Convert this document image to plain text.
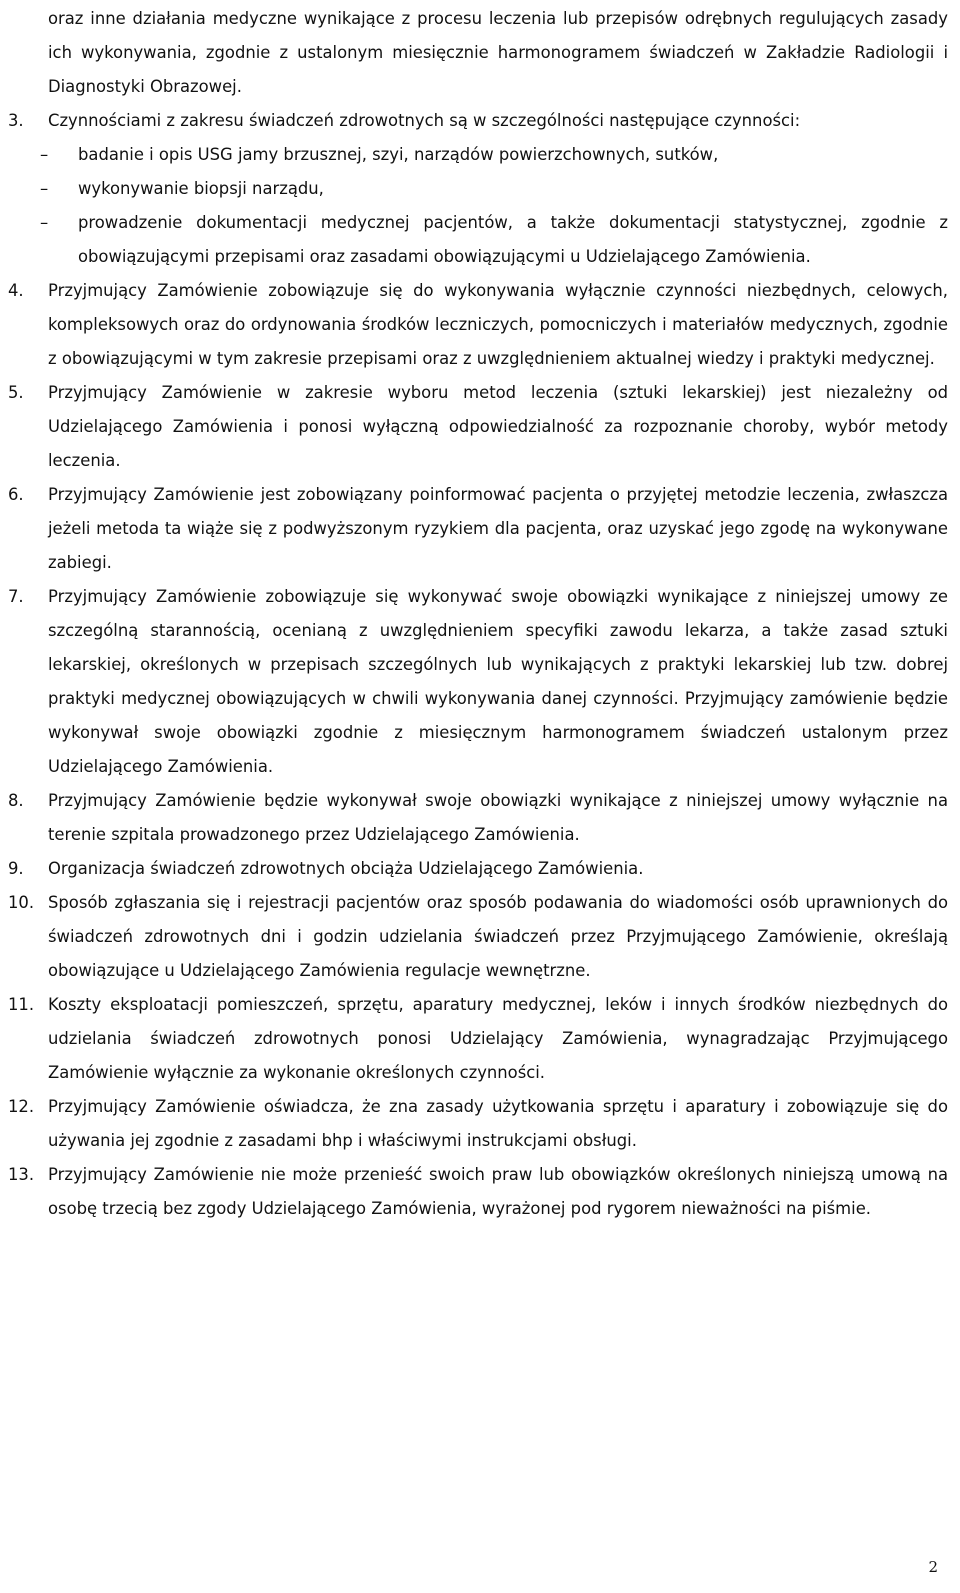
oraz inne działania medyczne wynikające z procesu leczenia lub przepisów odrębnych regulujących zasady ich wykonywania, zgodnie z ustalonym miesięcznie harmonogramem świadczeń w Zakładzie Radiologii i Diagnostyki Obrazowej.

3. Czynnościami z zakresu świadczeń zdrowotnych są w szczególności następujące czynności:
– badanie i opis USG jamy brzusznej, szyi, narządów powierzchownych, sutków,
– wykonywanie biopsji narządu,
– prowadzenie dokumentacji medycznej pacjentów, a także dokumentacji statystycznej, zgodnie z obowiązującymi przepisami oraz zasadami obowiązującymi u Udzielającego Zamówienia.
4. Przyjmujący Zamówienie zobowiązuje się do wykonywania wyłącznie czynności niezbędnych, celowych, kompleksowych oraz do ordynowania środków leczniczych, pomocniczych i materiałów medycznych, zgodnie z obowiązującymi w tym zakresie przepisami oraz z uwzględnieniem aktualnej wiedzy i praktyki medycznej.
5. Przyjmujący Zamówienie w zakresie wyboru metod leczenia (sztuki lekarskiej) jest niezależny od Udzielającego Zamówienia i ponosi wyłączną odpowiedzialność za rozpoznanie choroby, wybór metody leczenia.
6. Przyjmujący Zamówienie jest zobowiązany poinformować pacjenta o przyjętej metodzie leczenia, zwłaszcza jeżeli metoda ta wiąże się z podwyższonym ryzykiem dla pacjenta, oraz uzyskać jego zgodę na wykonywane zabiegi.
7. Przyjmujący Zamówienie zobowiązuje się wykonywać swoje obowiązki wynikające z niniejszej umowy ze szczególną starannością, ocenianą z uwzględnieniem specyfiki zawodu lekarza, a także zasad sztuki lekarskiej, określonych w przepisach szczególnych lub wynikających z praktyki lekarskiej lub tzw. dobrej praktyki medycznej obowiązujących w chwili wykonywania danej czynności. Przyjmujący zamówienie będzie wykonywał swoje obowiązki zgodnie z miesięcznym harmonogramem świadczeń ustalonym przez Udzielającego Zamówienia.
8. Przyjmujący Zamówienie będzie wykonywał swoje obowiązki wynikające z niniejszej umowy wyłącznie na terenie szpitala prowadzonego przez Udzielającego Zamówienia.
9. Organizacja świadczeń zdrowotnych obciąża Udzielającego Zamówienia.
10. Sposób zgłaszania się i rejestracji pacjentów oraz sposób podawania do wiadomości osób uprawnionych do świadczeń zdrowotnych dni i godzin udzielania świadczeń przez Przyjmującego Zamówienie, określają obowiązujące u Udzielającego Zamówienia regulacje wewnętrzne.
11. Koszty eksploatacji pomieszczeń, sprzętu, aparatury medycznej, leków i innych środków niezbędnych do udzielania świadczeń zdrowotnych ponosi Udzielający Zamówienia, wynagradzając Przyjmującego Zamówienie wyłącznie za wykonanie określonych czynności.
12. Przyjmujący Zamówienie oświadcza, że zna zasady użytkowania sprzętu i aparatury i zobowiązuje się do używania jej zgodnie z zasadami bhp i właściwymi instrukcjami obsługi.
13. Przyjmujący Zamówienie nie może przenieść swoich praw lub obowiązków określonych niniejszą umową na osobę trzecią bez zgody Udzielającego Zamówienia, wyrażonej pod rygorem nieważności na piśmie.
2
